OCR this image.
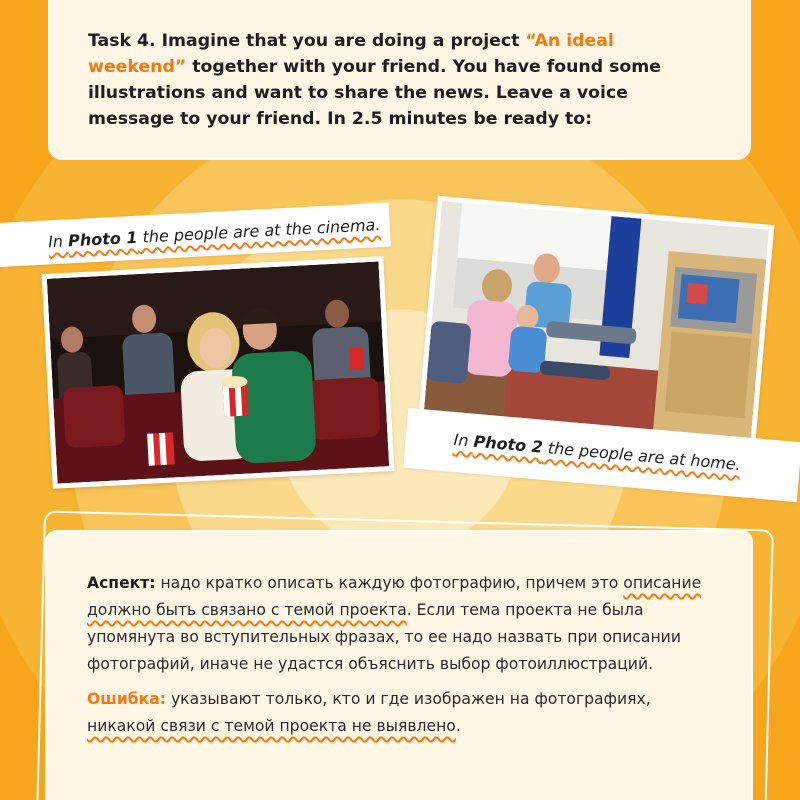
Task 4. Imagine that you are doing a project “An ideal weekend” together with your friend. You have found some illustrations and want to share the news. Leave a voice message to your friend. In 2.5 minutes be ready to:

In Photo 1 the people are at the cinema.
In Photo 2 the people are at home.

Аспект: надо кратко описать каждую фотографию, причем это описание должно быть связано с темой проекта. Если тема проекта не была упомянута во вступительных фразах, то ее надо назвать при описании фотографий, иначе не удастся объяснить выбор фотоиллюстраций.

Ошибка: указывают только, кто и где изображен на фотографиях, никакой связи с темой проекта не выявлено.
